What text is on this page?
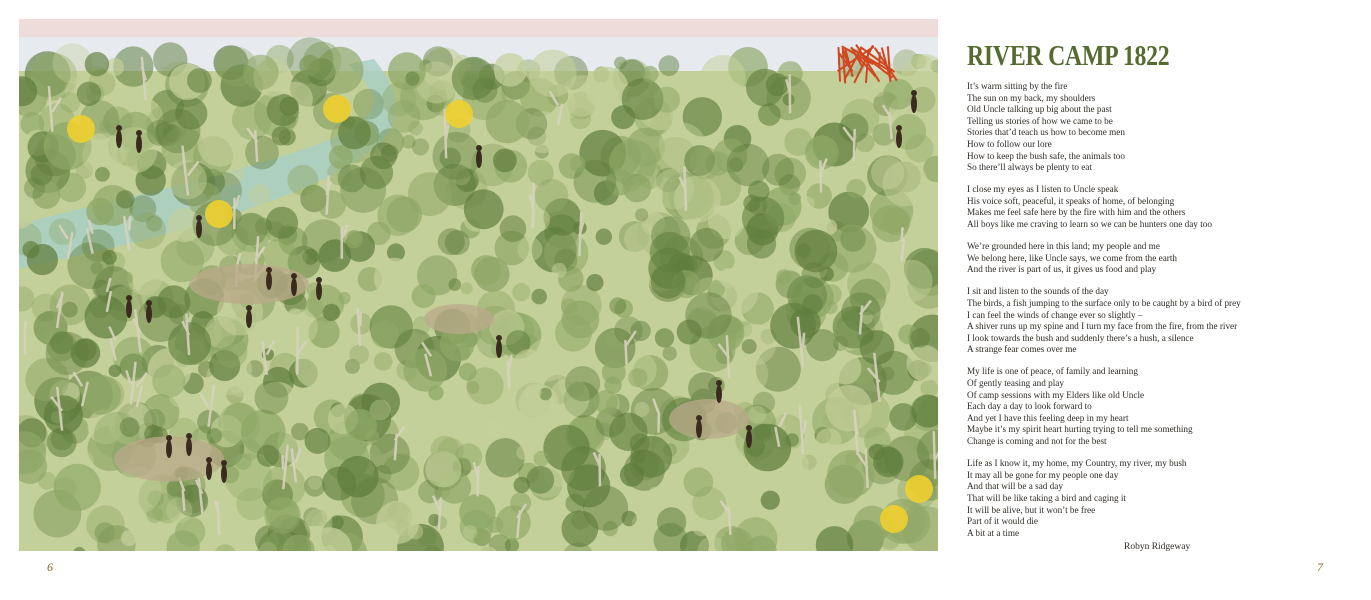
6	7
RIVER CAMP 1822
It’s warm sitting by the fire
The sun on my back, my shoulders
Old Uncle talking up big about the past
Telling us stories of how we came to be
Stories that’d teach us how to become men
How to follow our lore
How to keep the bush safe, the animals too
So there’ll always be plenty to eat
I close my eyes as I listen to Uncle speak
His voice soft, peaceful, it speaks of home, of belonging
Makes me feel safe here by the fire with him and the others
All boys like me craving to learn so we can be hunters one day too
We’re grounded here in this land; my people and me
We belong here, like Uncle says, we come from the earth
And the river is part of us, it gives us food and play
I sit and listen to the sounds of the day
The birds, a fish jumping to the surface only to be caught by a bird of prey
I can feel the winds of change ever so slightly –
A shiver runs up my spine and I turn my face from the fire, from the river
I look towards the bush and suddenly there’s a hush, a silence
A strange fear comes over me
My life is one of peace, of family and learning
Of gently teasing and play
Of camp sessions with my Elders like old Uncle
Each day a day to look forward to
And yet I have this feeling deep in my heart
Maybe it’s my spirit heart hurting trying to tell me something
Change is coming and not for the best
Life as I know it, my home, my Country, my river, my bush
It may all be gone for my people one day
And that will be a sad day
That will be like taking a bird and caging it
It will be alive, but it won’t be free
Part of it would die
A bit at a time
Robyn Ridgeway
